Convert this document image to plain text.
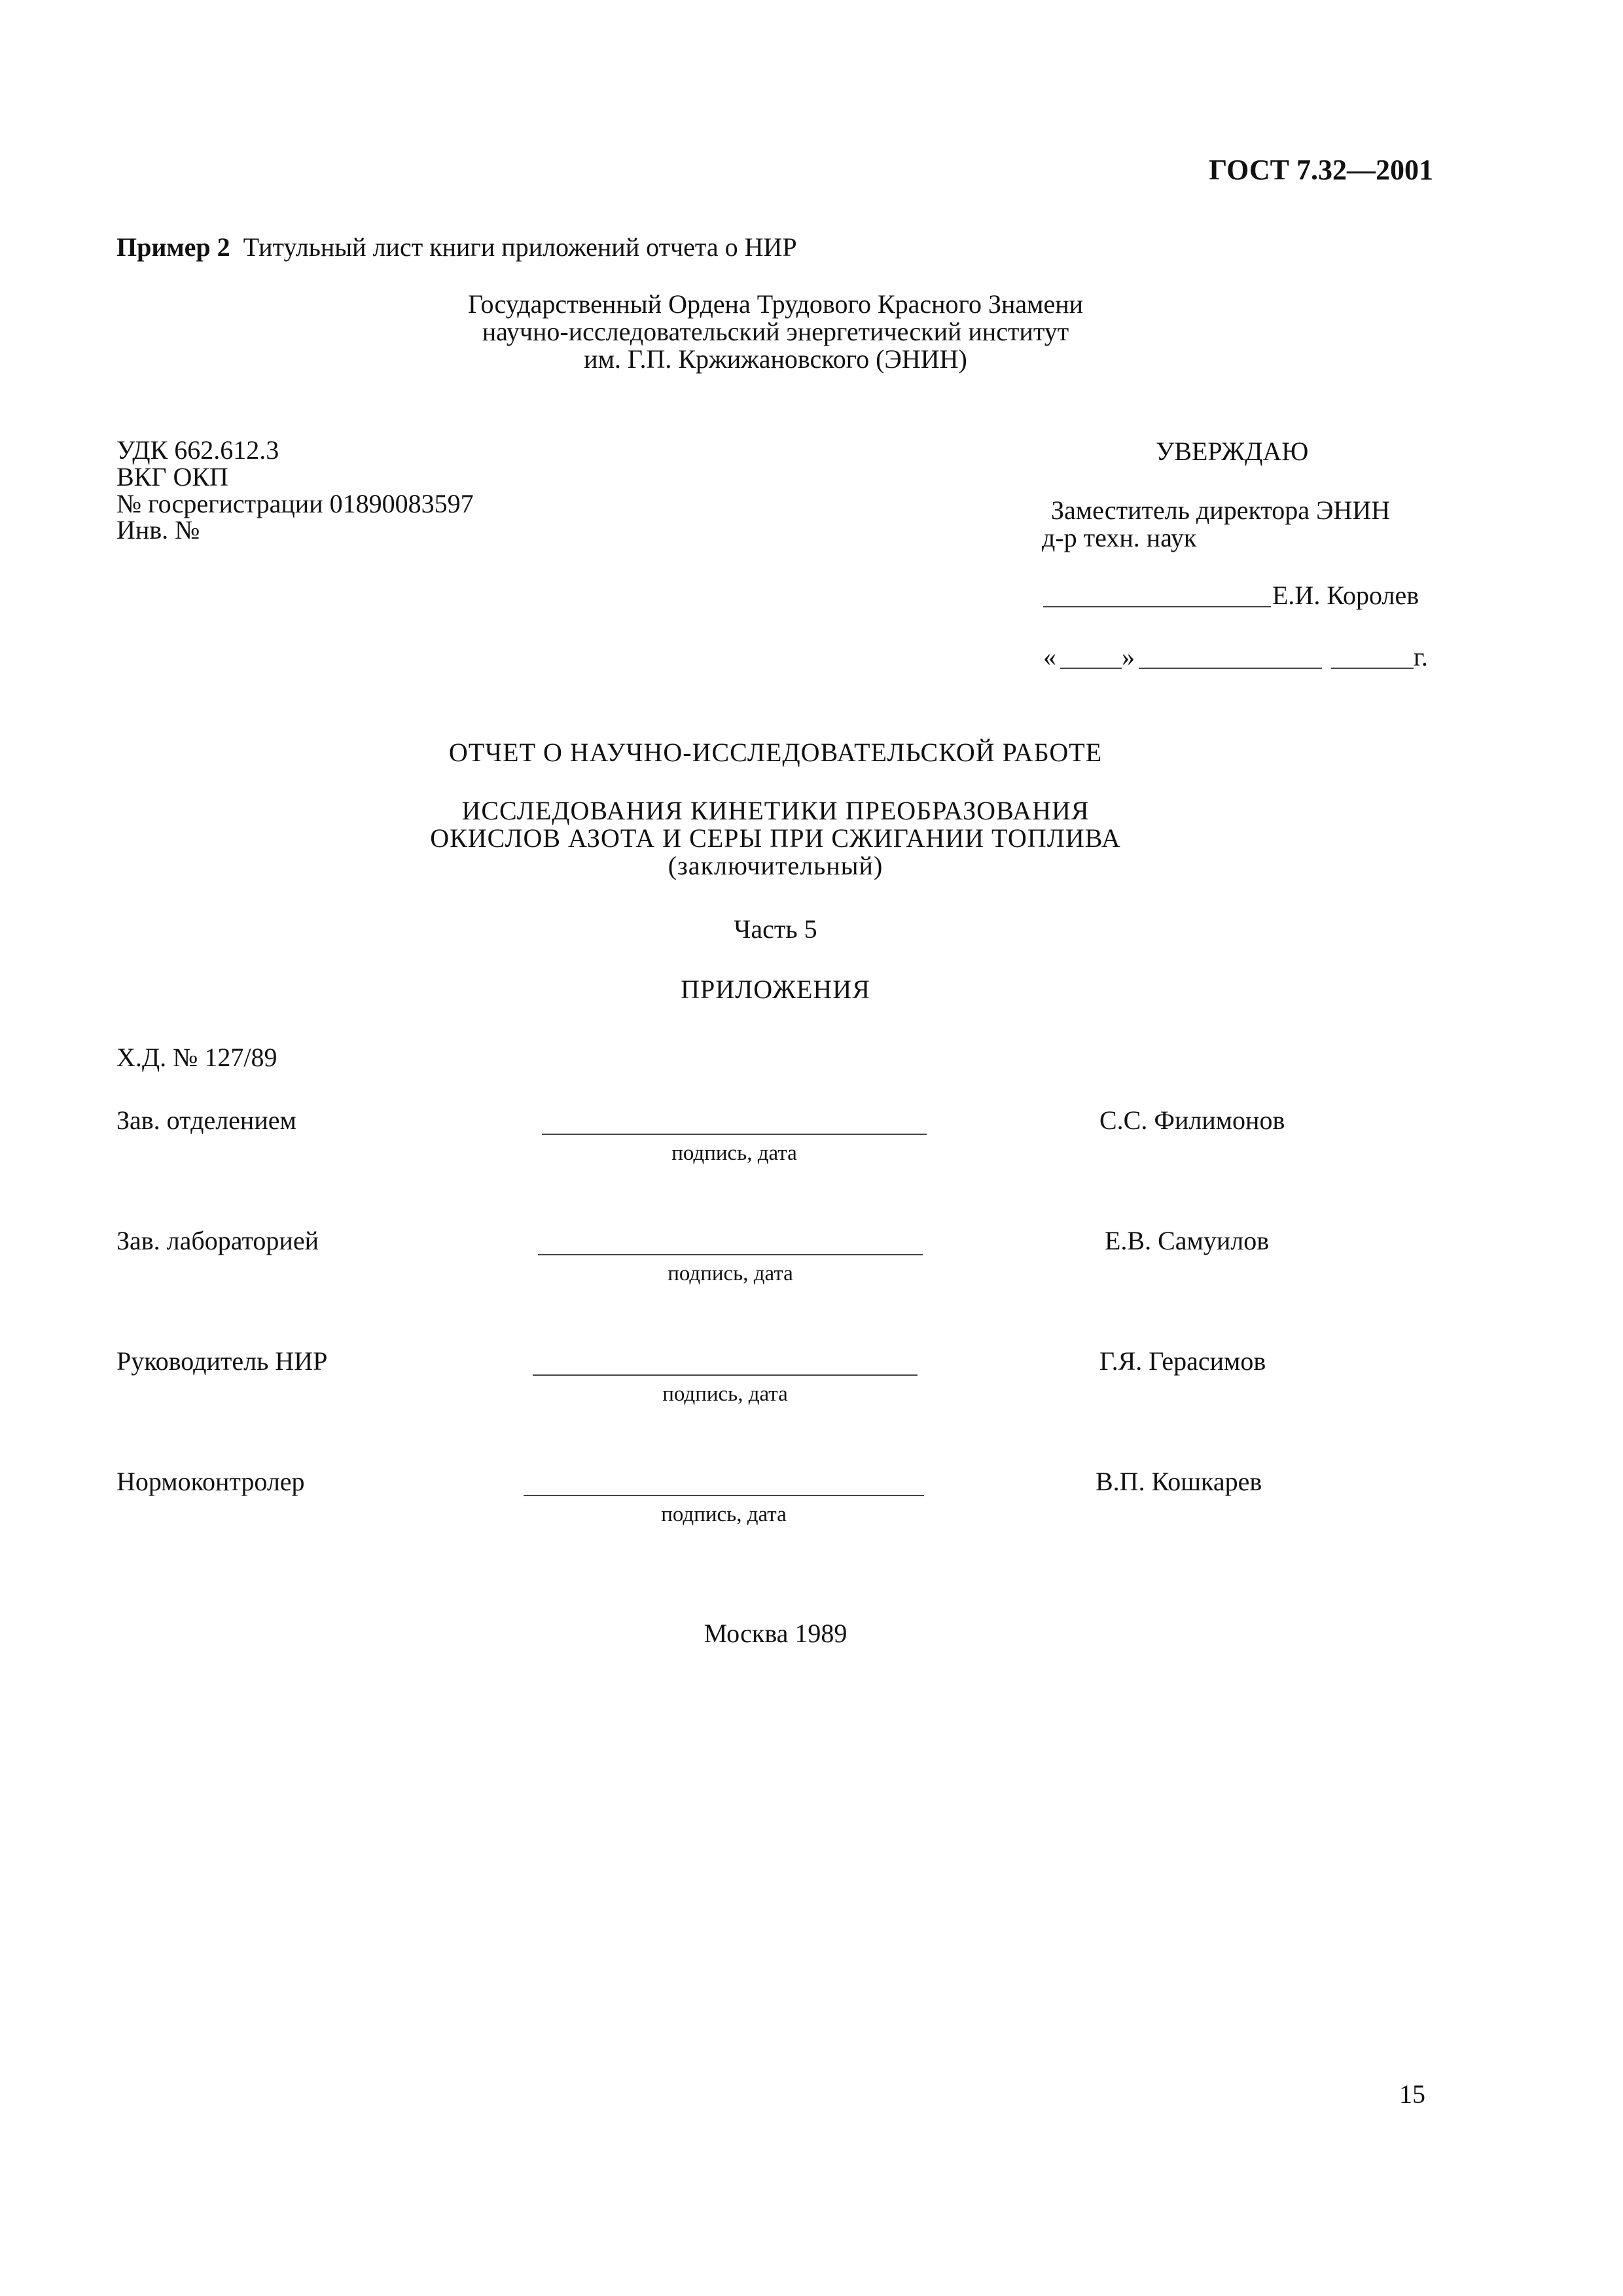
ГОСТ 7.32—2001
Пример 2 Титульный лист книги приложений отчета о НИР
Государственный Ордена Трудового Красного Знамени
научно-исследовательский энергетический институт
им. Г.П. Кржижановского (ЭНИН)
УДК 662.612.3
ВКГ ОКП
№ госрегистрации 01890083597
Инв. №
УВЕРЖДАЮ
Заместитель директора ЭНИН
д-р техн. наук
Е.И. Королев
«	»	г.
ОТЧЕТ О НАУЧНО-ИССЛЕДОВАТЕЛЬСКОЙ РАБОТЕ
ИССЛЕДОВАНИЯ КИНЕТИКИ ПРЕОБРАЗОВАНИЯ
ОКИСЛОВ АЗОТА И СЕРЫ ПРИ СЖИГАНИИ ТОПЛИВА
(заключительный)
Часть 5
ПРИЛОЖЕНИЯ
Х.Д. № 127/89
Зав. отделением
подпись, дата
С.С. Филимонов
Зав. лабораторией
подпись, дата
Е.В. Самуилов
Руководитель НИР
подпись, дата
Г.Я. Герасимов
Нормоконтролер
подпись, дата
В.П. Кошкарев
Москва 1989
15
